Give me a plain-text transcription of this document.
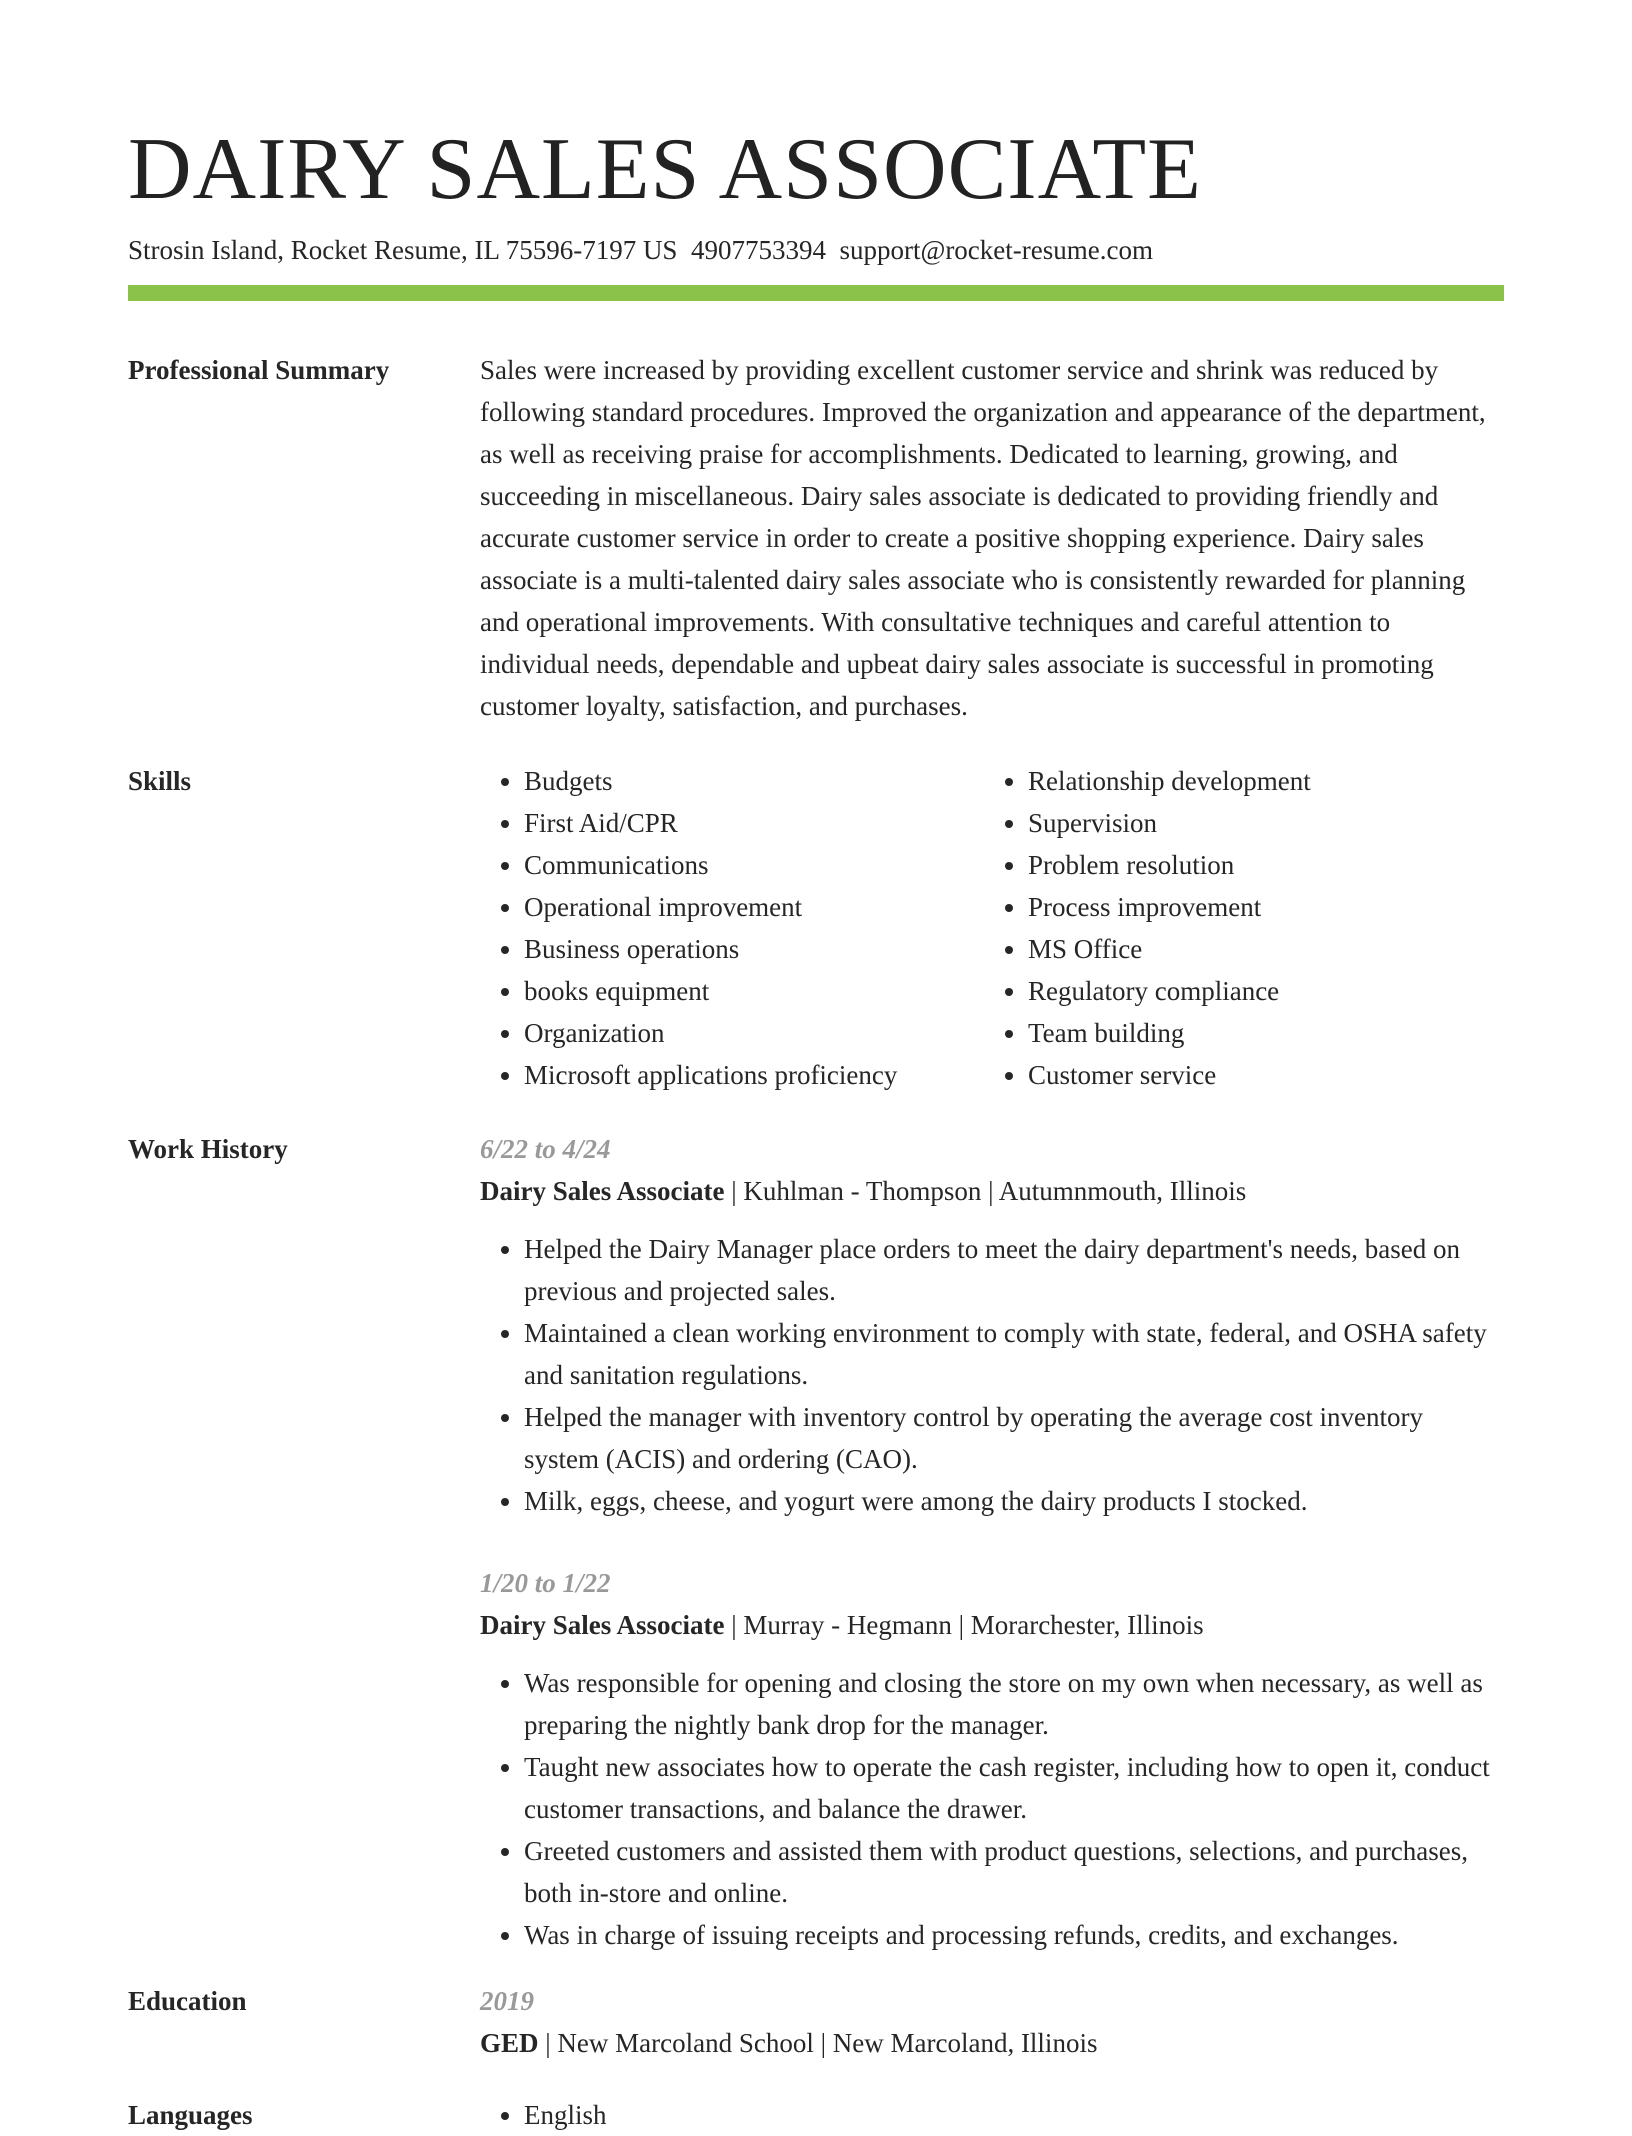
DAIRY SALES ASSOCIATE
Strosin Island, Rocket Resume, IL 75596-7197 US 4907753394 support@rocket-resume.com
Professional Summary	Sales were increased by providing excellent customer service and shrink was reduced by following standard procedures. Improved the organization and appearance of the department, as well as receiving praise for accomplishments. Dedicated to learning, growing, and succeeding in miscellaneous. Dairy sales associate is dedicated to providing friendly and accurate customer service in order to create a positive shopping experience. Dairy sales associate is a multi-talented dairy sales associate who is consistently rewarded for planning and operational improvements. With consultative techniques and careful attention to individual needs, dependable and upbeat dairy sales associate is successful in promoting customer loyalty, satisfaction, and purchases.

Skills	• Budgets
• First Aid/CPR
• Communications
• Operational improvement
• Business operations
• books equipment
• Organization
• Microsoft applications proficiency
• Relationship development
• Supervision
• Problem resolution
• Process improvement
• MS Office
• Regulatory compliance
• Team building
• Customer service
Work History	6/22 to 4/24
Dairy Sales Associate | Kuhlman - Thompson | Autumnmouth, Illinois
• Helped the Dairy Manager place orders to meet the dairy department's needs, based on previous and projected sales.
• Maintained a clean working environment to comply with state, federal, and OSHA safety and sanitation regulations.
• Helped the manager with inventory control by operating the average cost inventory system (ACIS) and ordering (CAO).
• Milk, eggs, cheese, and yogurt were among the dairy products I stocked.
1/20 to 1/22
Dairy Sales Associate | Murray - Hegmann | Morarchester, Illinois
• Was responsible for opening and closing the store on my own when necessary, as well as preparing the nightly bank drop for the manager.
• Taught new associates how to operate the cash register, including how to open it, conduct customer transactions, and balance the drawer.
• Greeted customers and assisted them with product questions, selections, and purchases, both in-store and online.
• Was in charge of issuing receipts and processing refunds, credits, and exchanges.
Education	2019
GED | New Marcoland School | New Marcoland, Illinois
Languages	• English
